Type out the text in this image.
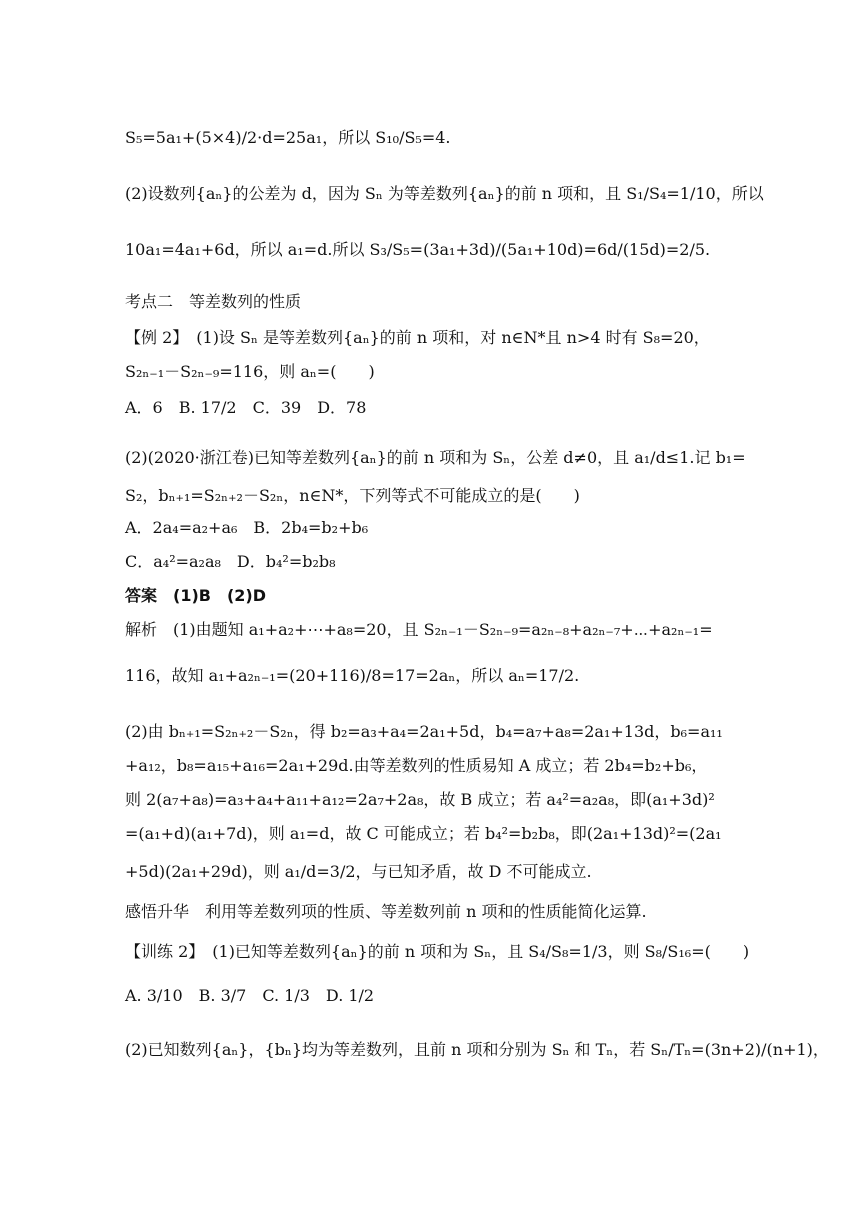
S₅=5a₁+(5×4)/2·d=25a₁，所以 S₁₀/S₅=4.
(2)设数列{aₙ}的公差为 d，因为 Sₙ 为等差数列{aₙ}的前 n 项和，且 S₁/S₄=1/10，所以
10a₁=4a₁+6d，所以 a₁=d.所以 S₃/S₅=(3a₁+3d)/(5a₁+10d)=6d/(15d)=2/5.
考点二　等差数列的性质
【例 2】　(1)设 Sₙ 是等差数列{aₙ}的前 n 项和，对 n∈N*且 n>4 时有 S₈=20，
S₂ₙ₋₁－S₂ₙ₋₉=116，则 aₙ=(　　)
A．6　B. 17/2　C．39　D．78
(2)(2020·浙江卷)已知等差数列{aₙ}的前 n 项和为 Sₙ，公差 d≠0，且 a₁/d≤1.记 b₁=
S₂，bₙ₊₁=S₂ₙ₊₂－S₂ₙ，n∈N*，下列等式不可能成立的是(　　)
A．2a₄=a₂+a₆　B．2b₄=b₂+b₆
C．a₄²=a₂a₈　D．b₄²=b₂b₈
答案　(1)B　(2)D
解析　(1)由题知 a₁+a₂+⋯+a₈=20，且 S₂ₙ₋₁－S₂ₙ₋₉=a₂ₙ₋₈+a₂ₙ₋₇+⋯+a₂ₙ₋₁=
116，故知 a₁+a₂ₙ₋₁=(20+116)/8=17=2aₙ，所以 aₙ=17/2.
(2)由 bₙ₊₁=S₂ₙ₊₂－S₂ₙ，得 b₂=a₃+a₄=2a₁+5d，b₄=a₇+a₈=2a₁+13d，b₆=a₁₁
+a₁₂，b₈=a₁₅+a₁₆=2a₁+29d.由等差数列的性质易知 A 成立；若 2b₄=b₂+b₆，
则 2(a₇+a₈)=a₃+a₄+a₁₁+a₁₂=2a₇+2a₈，故 B 成立；若 a₄²=a₂a₈，即(a₁+3d)²
=(a₁+d)(a₁+7d)，则 a₁=d，故 C 可能成立；若 b₄²=b₂b₈，即(2a₁+13d)²=(2a₁
+5d)(2a₁+29d)，则 a₁/d=3/2，与已知矛盾，故 D 不可能成立.
感悟升华　利用等差数列项的性质、等差数列前 n 项和的性质能简化运算.
【训练 2】　(1)已知等差数列{aₙ}的前 n 项和为 Sₙ，且 S₄/S₈=1/3，则 S₈/S₁₆=(　　)
A. 3/10　B. 3/7　C. 1/3　D. 1/2
(2)已知数列{aₙ}，{bₙ}均为等差数列，且前 n 项和分别为 Sₙ 和 Tₙ，若 Sₙ/Tₙ=(3n+2)/(n+1)，
